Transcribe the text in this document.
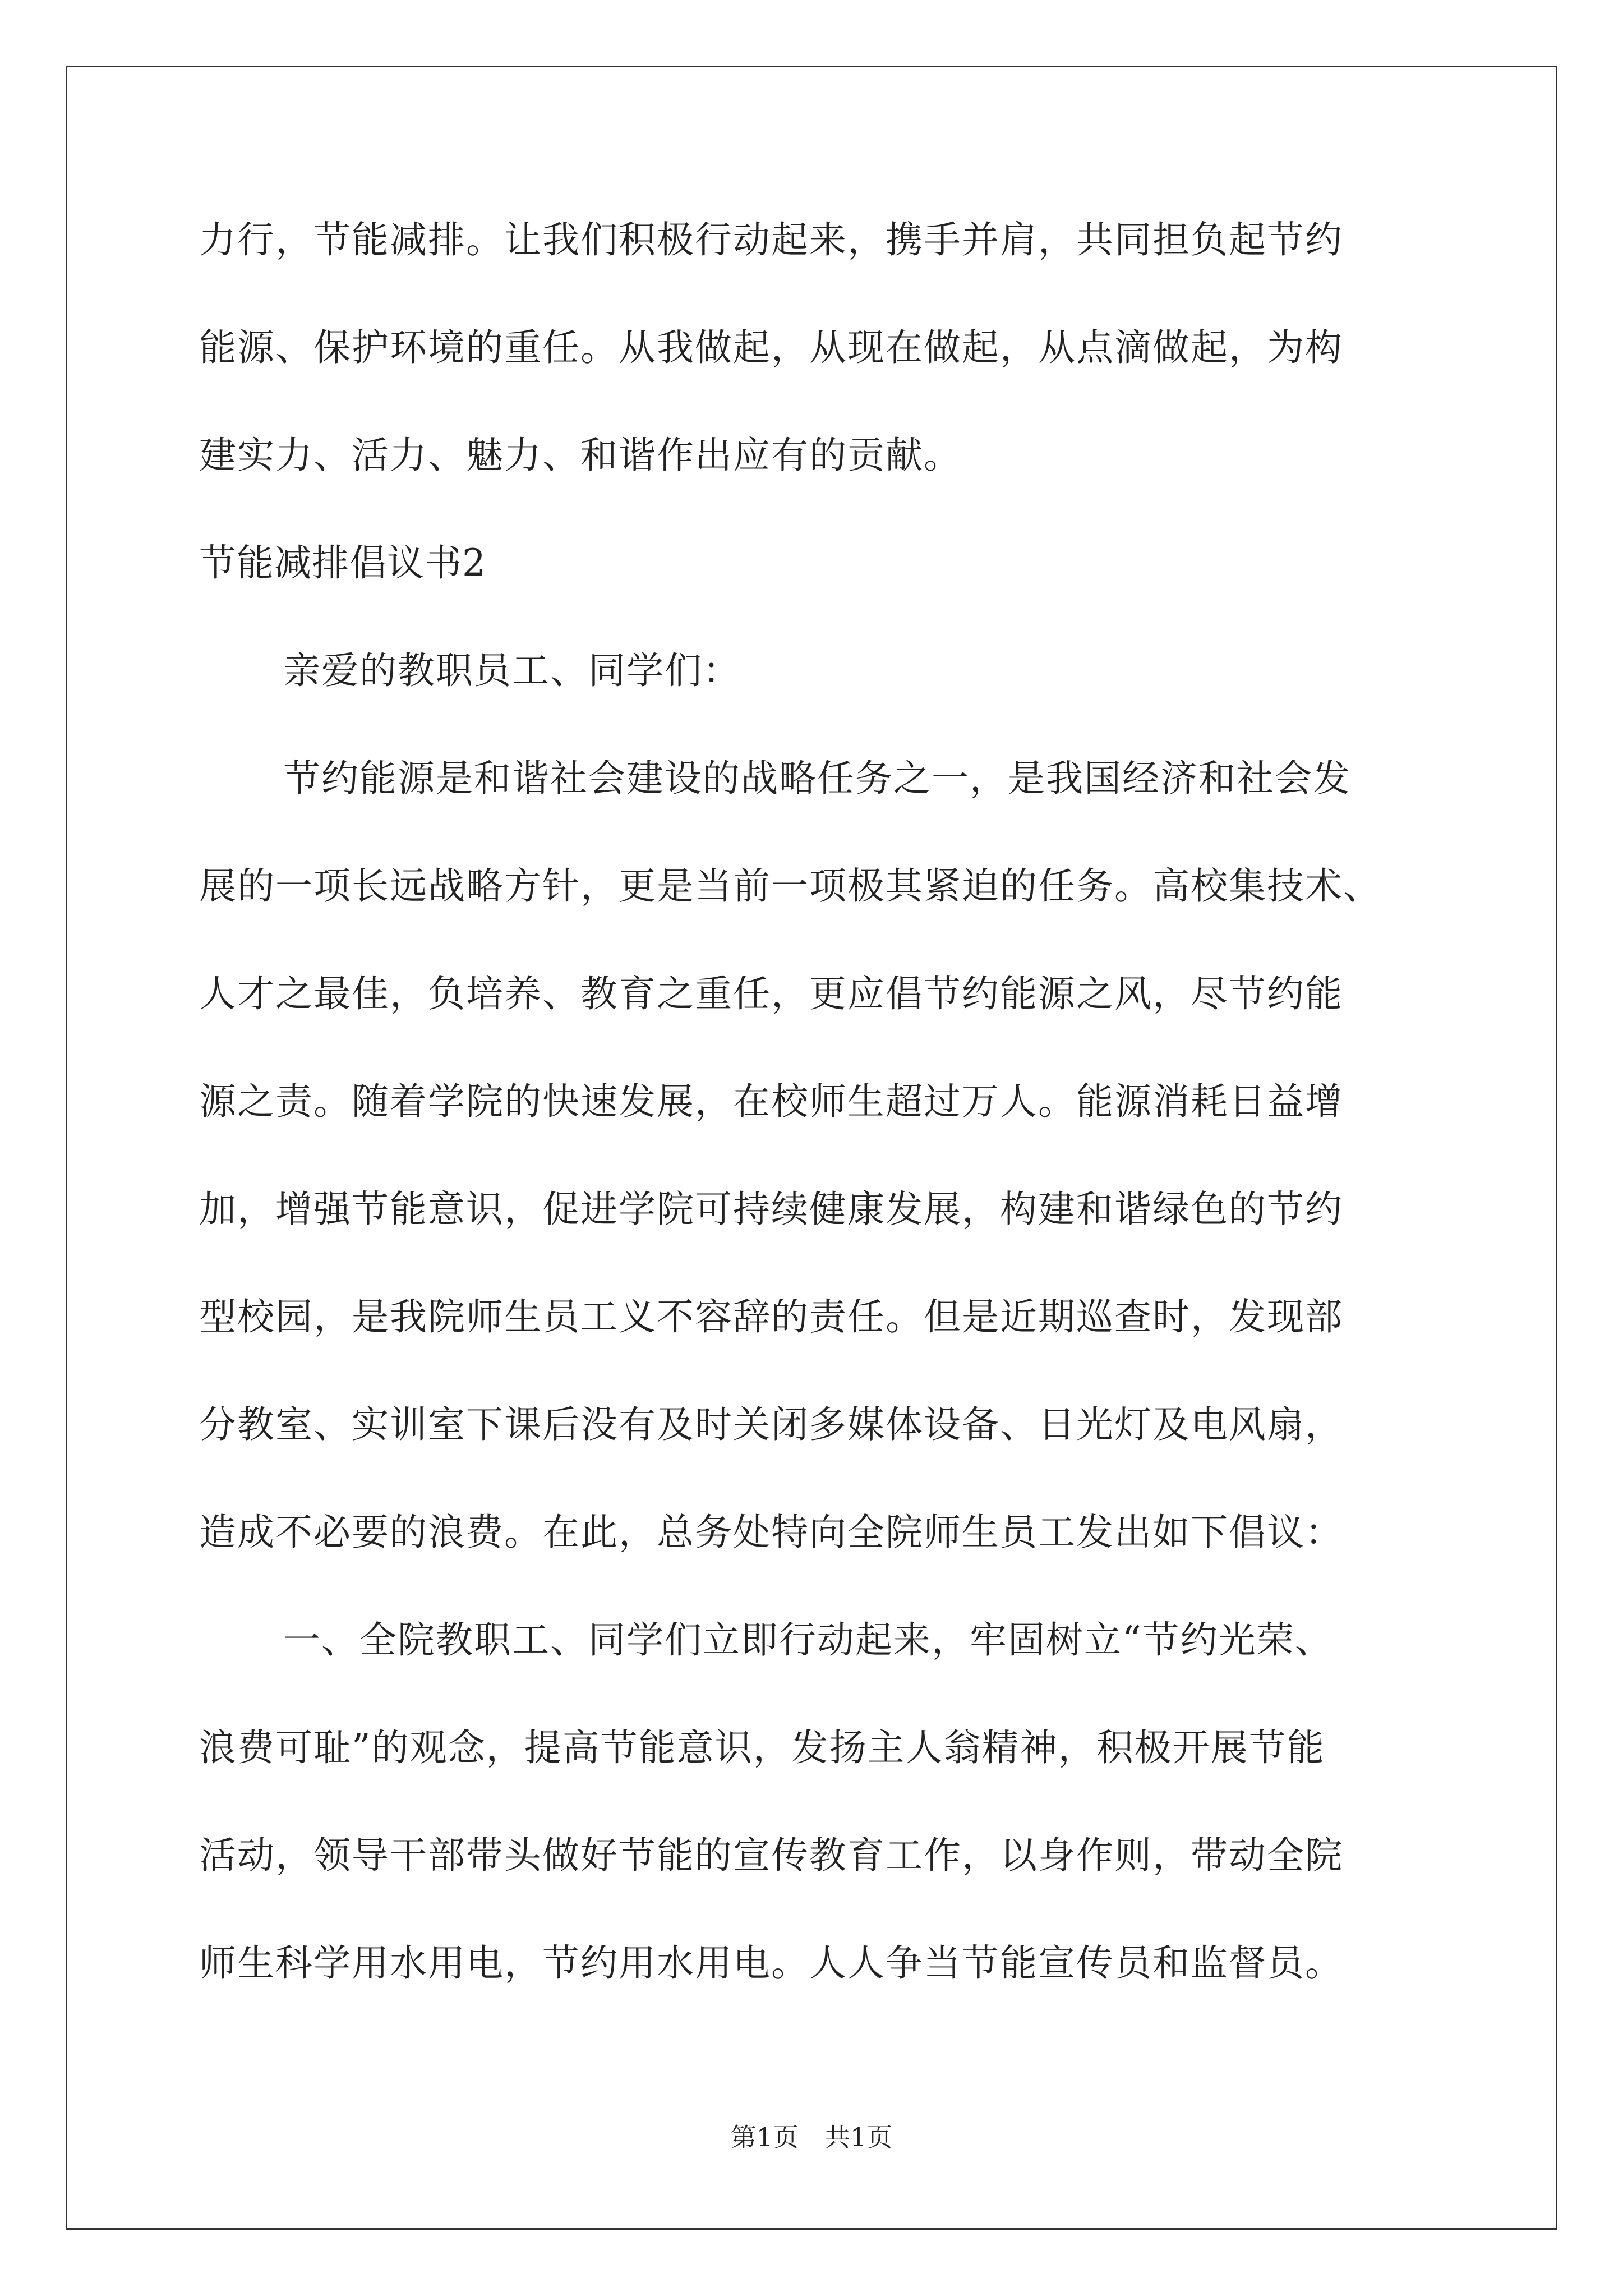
力行，节能减排。让我们积极行动起来，携手并肩，共同担负起节约
能源、保护环境的重任。从我做起，从现在做起，从点滴做起，为构
建实力、活力、魅力、和谐作出应有的贡献。
节能减排倡议书2
亲爱的教职员工、同学们：
节约能源是和谐社会建设的战略任务之一，是我国经济和社会发
展的一项长远战略方针，更是当前一项极其紧迫的任务。高校集技术、
人才之最佳，负培养、教育之重任，更应倡节约能源之风，尽节约能
源之责。随着学院的快速发展，在校师生超过万人。能源消耗日益增
加，增强节能意识，促进学院可持续健康发展，构建和谐绿色的节约
型校园，是我院师生员工义不容辞的责任。但是近期巡查时，发现部
分教室、实训室下课后没有及时关闭多媒体设备、日光灯及电风扇，
造成不必要的浪费。在此，总务处特向全院师生员工发出如下倡议：
一、全院教职工、同学们立即行动起来，牢固树立“节约光荣、
浪费可耻”的观念，提高节能意识，发扬主人翁精神，积极开展节能
活动，领导干部带头做好节能的宣传教育工作，以身作则，带动全院
师生科学用水用电，节约用水用电。人人争当节能宣传员和监督员。
第1页 共1页
